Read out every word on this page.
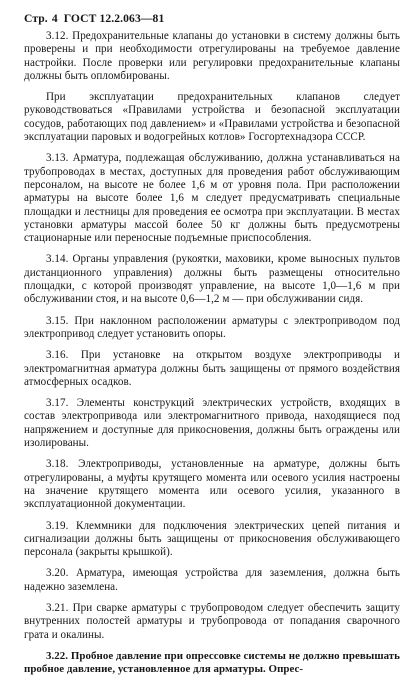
Стр. 4 ГОСТ 12.2.063—81

3.12. Предохранительные клапаны до установки в систему должны быть проверены и при необходимости отрегулированы на требуемое давление настройки. После проверки или регулировки предохранительные клапаны должны быть опломбированы.

При эксплуатации предохранительных клапанов следует руководствоваться «Правилами устройства и безопасной эксплуатации сосудов, работающих под давлением» и «Правилами устройства и безопасной эксплуатации паровых и водогрейных котлов» Госгортехнадзора СССР.

3.13. Арматура, подлежащая обслуживанию, должна устанавливаться на трубопроводах в местах, доступных для проведения работ обслуживающим персоналом, на высоте не более 1,6 м от уровня пола. При расположении арматуры на высоте более 1,6 м следует предусматривать специальные площадки и лестницы для проведения ее осмотра при эксплуатации. В местах установки арматуры массой более 50 кг должны быть предусмотрены стационарные или переносные подъемные приспособления.

3.14. Органы управления (рукоятки, маховики, кроме выносных пультов дистанционного управления) должны быть размещены относительно площадки, с которой производят управление, на высоте 1,0—1,6 м при обслуживании стоя, и на высоте 0,6—1,2 м — при обслуживании сидя.

3.15. При наклонном расположении арматуры с электроприводом под электропривод следует установить опоры.

3.16. При установке на открытом воздухе электроприводы и электромагнитная арматура должны быть защищены от прямого воздействия атмосферных осадков.

3.17. Элементы конструкций электрических устройств, входящих в состав электропривода или электромагнитного привода, находящиеся под напряжением и доступные для прикосновения, должны быть ограждены или изолированы.

3.18. Электроприводы, установленные на арматуре, должны быть отрегулированы, а муфты крутящего момента или осевого усилия настроены на значение крутящего момента или осевого усилия, указанного в эксплуатационной документации.

3.19. Клеммники для подключения электрических цепей питания и сигнализации должны быть защищены от прикосновения обслуживающего персонала (закрыты крышкой).

3.20. Арматура, имеющая устройства для заземления, должна быть надежно заземлена.

3.21. При сварке арматуры с трубопроводом следует обеспечить защиту внутренних полостей арматуры и трубопровода от попадания сварочного грата и окалины.

3.22. Пробное давление при опрессовке системы не должно превышать пробное давление, установленное для арматуры. Опрес-
